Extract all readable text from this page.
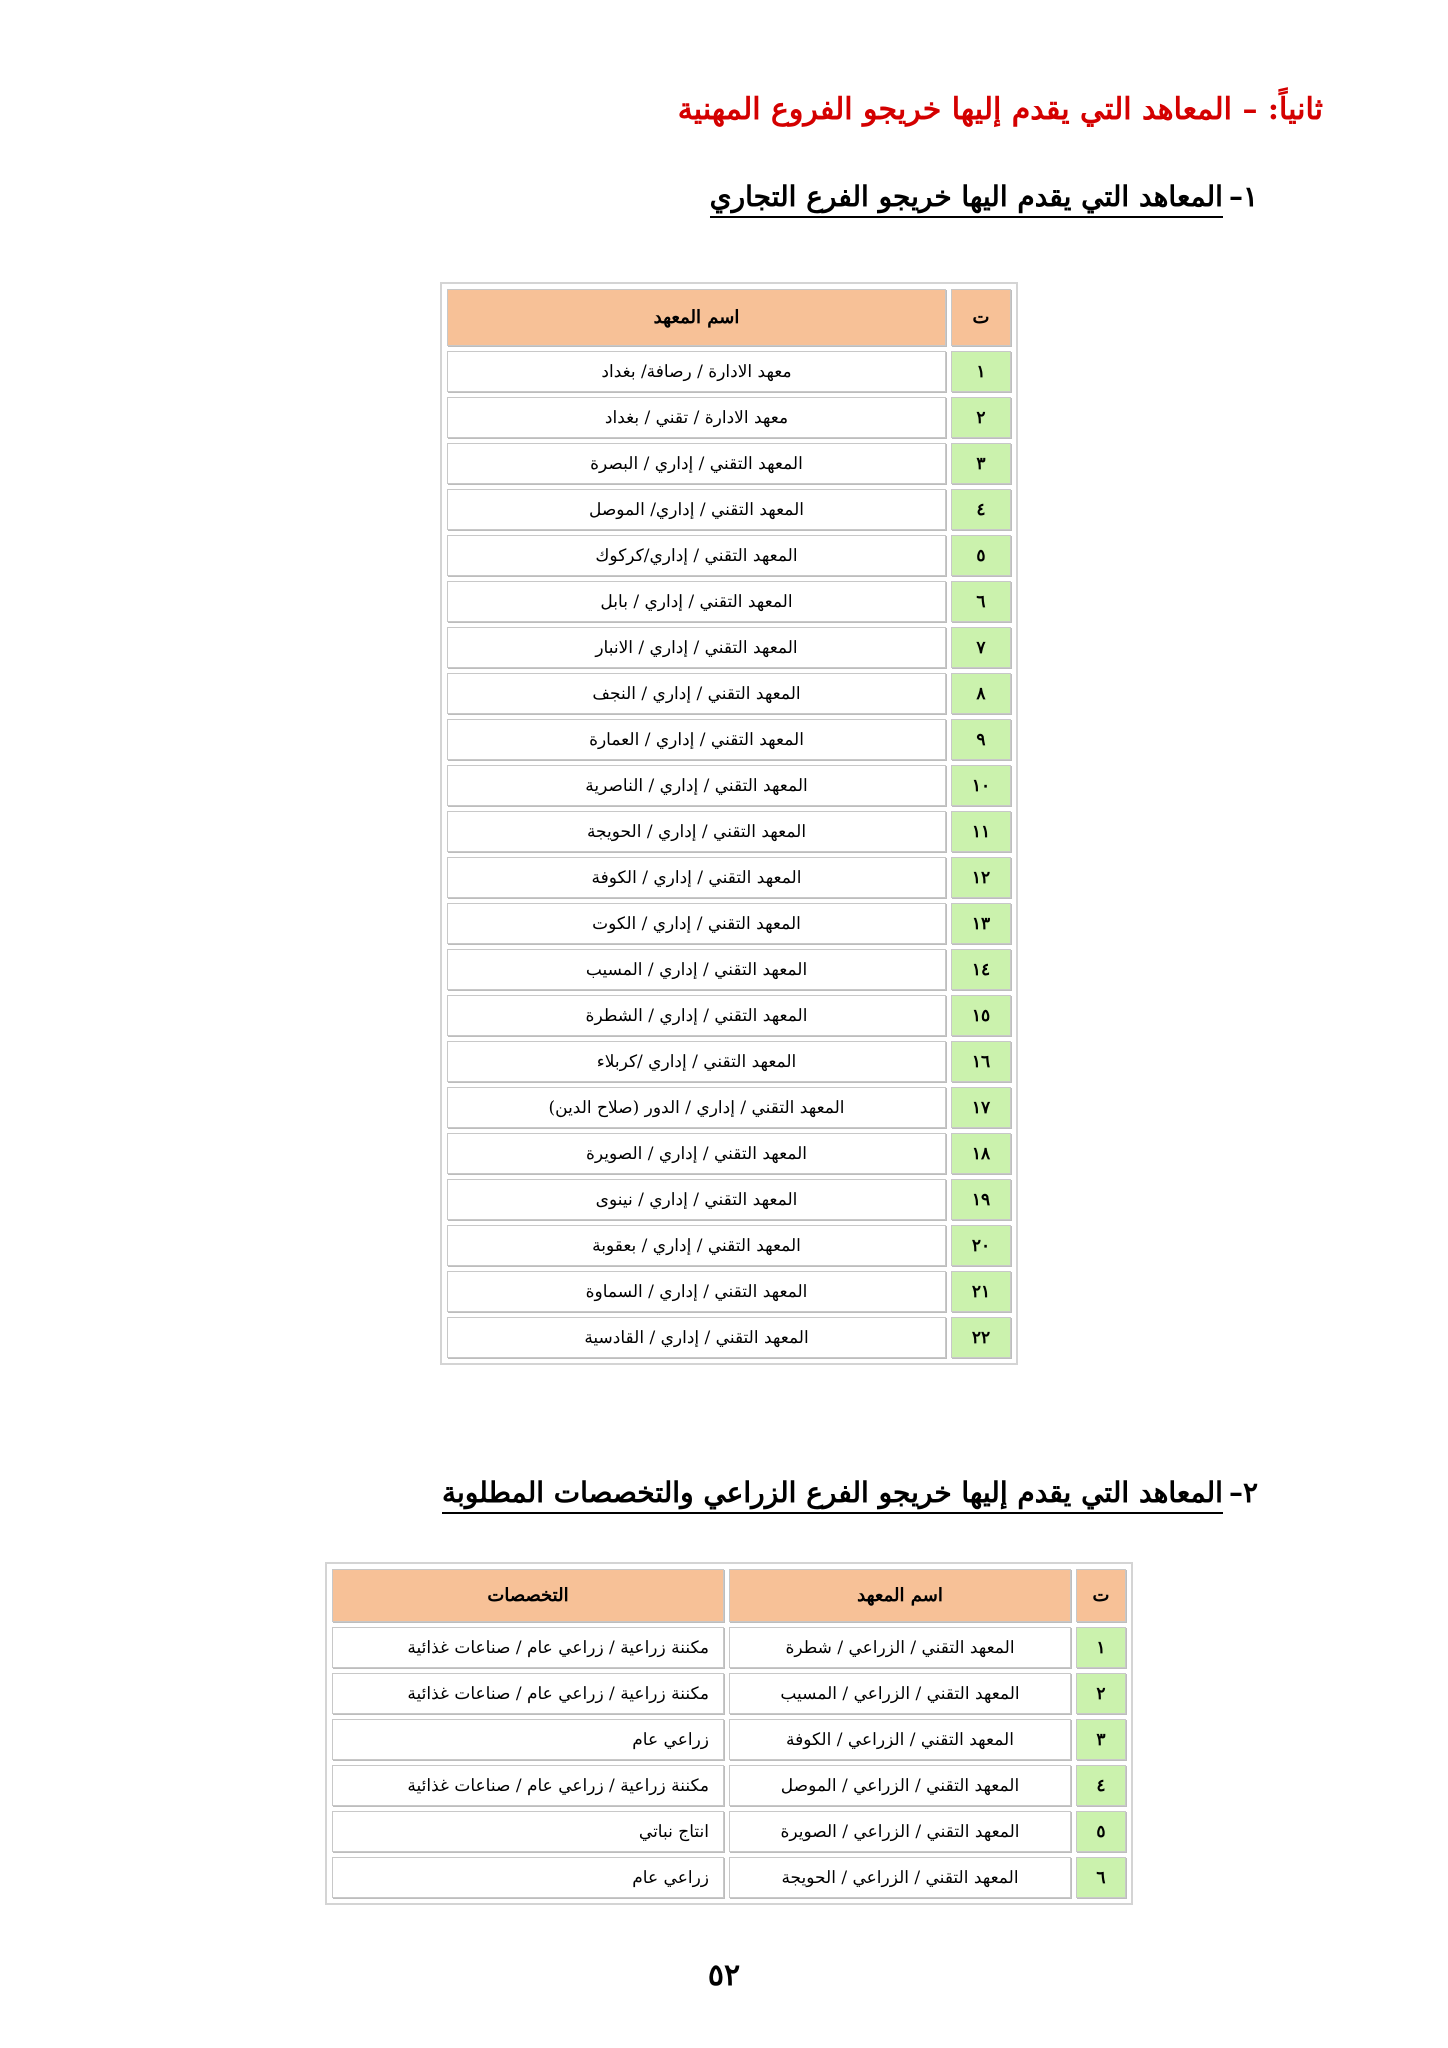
ثانياً: – المعاهد التي يقدم إليها خريجو الفروع المهنية
١–المعاهد التي يقدم اليها خريجو الفرع التجاري
ت	اسم المعهد
١	معهد الادارة / رصافة/ بغداد
٢	معهد الادارة / تقني / بغداد
٣	المعهد التقني / إداري / البصرة
٤	المعهد التقني / إداري/ الموصل
٥	المعهد التقني / إداري/كركوك
٦	المعهد التقني / إداري / بابل
٧	المعهد التقني / إداري / الانبار
٨	المعهد التقني / إداري / النجف
٩	المعهد التقني / إداري / العمارة
١٠	المعهد التقني / إداري / الناصرية
١١	المعهد التقني / إداري / الحويجة
١٢	المعهد التقني / إداري / الكوفة
١٣	المعهد التقني / إداري / الكوت
١٤	المعهد التقني / إداري / المسيب
١٥	المعهد التقني / إداري / الشطرة
١٦	المعهد التقني / إداري /كربلاء
١٧	المعهد التقني / إداري / الدور (صلاح الدين)
١٨	المعهد التقني / إداري / الصويرة
١٩	المعهد التقني / إداري / نينوى
٢٠	المعهد التقني / إداري / بعقوبة
٢١	المعهد التقني / إداري / السماوة
٢٢	المعهد التقني / إداري / القادسية
٢–المعاهد التي يقدم إليها خريجو الفرع الزراعي والتخصصات المطلوبة
ت	اسم المعهد	التخصصات
١	المعهد التقني / الزراعي / شطرة	مكننة زراعية / زراعي عام / صناعات غذائية
٢	المعهد التقني / الزراعي / المسيب	مكننة زراعية / زراعي عام / صناعات غذائية
٣	المعهد التقني / الزراعي / الكوفة	زراعي عام
٤	المعهد التقني / الزراعي / الموصل	مكننة زراعية / زراعي عام / صناعات غذائية
٥	المعهد التقني / الزراعي / الصويرة	انتاج نباتي
٦	المعهد التقني / الزراعي / الحويجة	زراعي عام
٥٢
